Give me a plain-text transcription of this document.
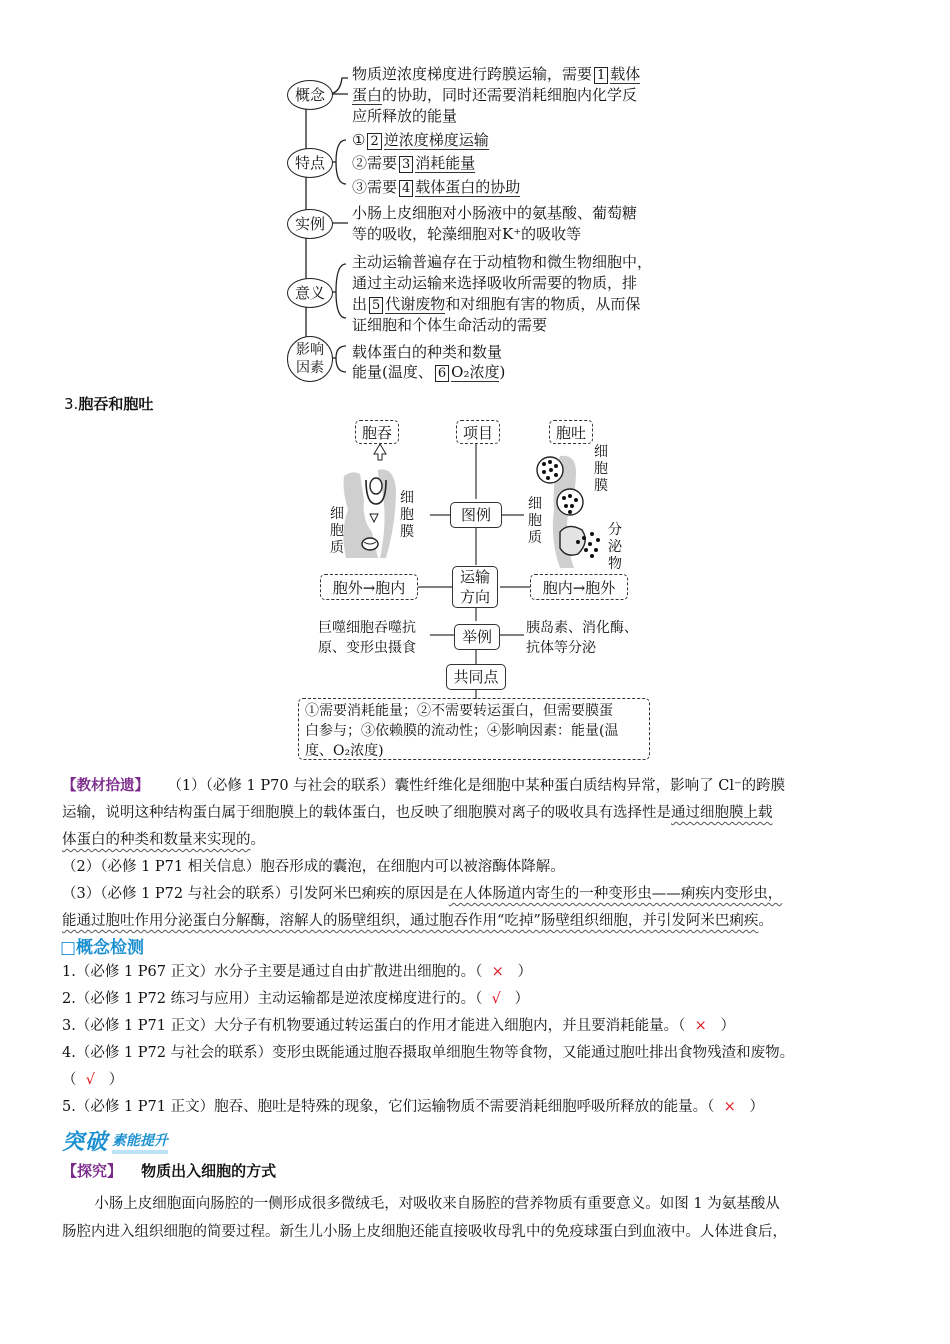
概念
物质逆浓度梯度进行跨膜运输，需要 1 载体
蛋白的协助，同时还需要消耗细胞内化学反
应所释放的能量
特点
① 2 逆浓度梯度运输
②需要 3 消耗能量
③需要 4 载体蛋白的协助
实例
小肠上皮细胞对小肠液中的氨基酸、葡萄糖
等的吸收，轮藻细胞对K⁺的吸收等
意义
主动运输普遍存在于动植物和微生物细胞中，
通过主动运输来选择吸收所需要的物质，排
出 5 代谢废物和对细胞有害的物质，从而保
证细胞和个体生命活动的需要
影响
因素
载体蛋白的种类和数量
能量(温度、 6 O₂浓度)
3.胞吞和胞吐
胞吞	项目	胞吐
细胞质
细胞膜
细胞质
细胞膜
分泌物
图例
胞外→胞内
运输
方向
胞内→胞外
巨噬细胞吞噬抗
原、变形虫摄食
举例	胰岛素、消化酶、
抗体等分泌
共同点
①需要消耗能量；②不需要转运蛋白，但需要膜蛋
白参与；③依赖膜的流动性；④影响因素：能量(温
度、O₂浓度)
【教材拾遗】 （1）（必修 1 P70 与社会的联系）囊性纤维化是细胞中某种蛋白质结构异常，影响了 Cl⁻的跨膜
运输，说明这种结构蛋白属于细胞膜上的载体蛋白，也反映了细胞膜对离子的吸收具有选择性是通过细胞膜上载
体蛋白的种类和数量来实现的。
（2）（必修 1 P71 相关信息）胞吞形成的囊泡，在细胞内可以被溶酶体降解。
（3）（必修 1 P72 与社会的联系）引发阿米巴痢疾的原因是在人体肠道内寄生的一种变形虫——痢疾内变形虫，
能通过胞吐作用分泌蛋白分解酶，溶解人的肠壁组织，通过胞吞作用“吃掉”肠壁组织细胞，并引发阿米巴痢疾。
□概念检测
1.（必修 1 P67 正文）水分子主要是通过自由扩散进出细胞的。（ × ）
2.（必修 1 P72 练习与应用）主动运输都是逆浓度梯度进行的。（ √ ）
3.（必修 1 P71 正文）大分子有机物要通过转运蛋白的作用才能进入细胞内，并且要消耗能量。（ × ）
4.（必修 1 P72 与社会的联系）变形虫既能通过胞吞摄取单细胞生物等食物，又能通过胞吐排出食物残渣和废物。
（ √ ）
5.（必修 1 P71 正文）胞吞、胞吐是特殊的现象，它们运输物质不需要消耗细胞呼吸所释放的能量。（ × ）
突破 素能提升
【探究】 物质出入细胞的方式
小肠上皮细胞面向肠腔的一侧形成很多微绒毛，对吸收来自肠腔的营养物质有重要意义。如图 1 为氨基酸从
肠腔内进入组织细胞的简要过程。新生儿小肠上皮细胞还能直接吸收母乳中的免疫球蛋白到血液中。人体进食后，
